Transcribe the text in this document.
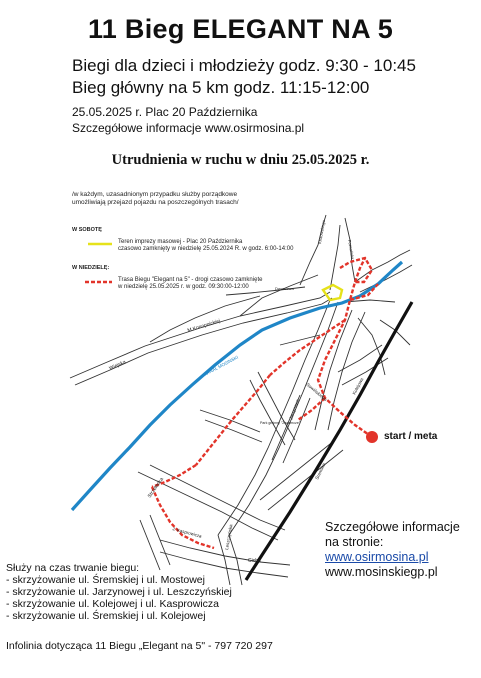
11 Bieg ELEGANT NA 5
Biegi dla dzieci i młodzieży godz. 9:30 - 10:45
Bieg główny na 5 km godz. 11:15-12:00
25.05.2025 r. Plac 20 Października
Szczegółowe informacje www.osirmosina.pl
Utrudnienia w ruchu w dniu 25.05.2025 r.
/w każdym, uzasadnionym przypadku służby porządkowe
umożliwiają przejazd pojazdu na poszczególnych trasach/
W SOBOTĘ
Teren imprezy masowej - Plac 20 Października
czasowo zamknięty w niedzielę 25.05.2024 R. w godz. 6:00-14:00
W NIEDZIELĘ:
Trasa Biegu "Elegant na 5" - drogi czasowo zamknięte
w niedzielę 25.05.2025 r. w godz. 09:30:00-12:00
Wiejska
M.Konopnickiej
KANAŁ MOSIŃSKI
Strzelecka
J. Kasprowicza
Cicha
Leszczyńska
Jarzynowa
Śremska
Kolejowa
Sowińskiego
Park gminny "Zazamcze"
Krotowskiego
Dworcowa
Poznańska
start / meta
Szczegółowe informacje
na stronie:
www.osirmosina.pl
www.mosinskiegp.pl
Służy na czas trwanie biegu:
- skrzyżowanie ul. Śremskiej i ul. Mostowej
- skrzyżowanie ul. Jarzynowej i ul. Leszczyńskiej
- skrzyżowanie ul. Kolejowej i ul. Kasprowicza
- skrzyżowanie ul. Śremskiej i ul. Kolejowej
Infolinia dotycząca 11 Biegu „Elegant na 5" - 797 720 297
